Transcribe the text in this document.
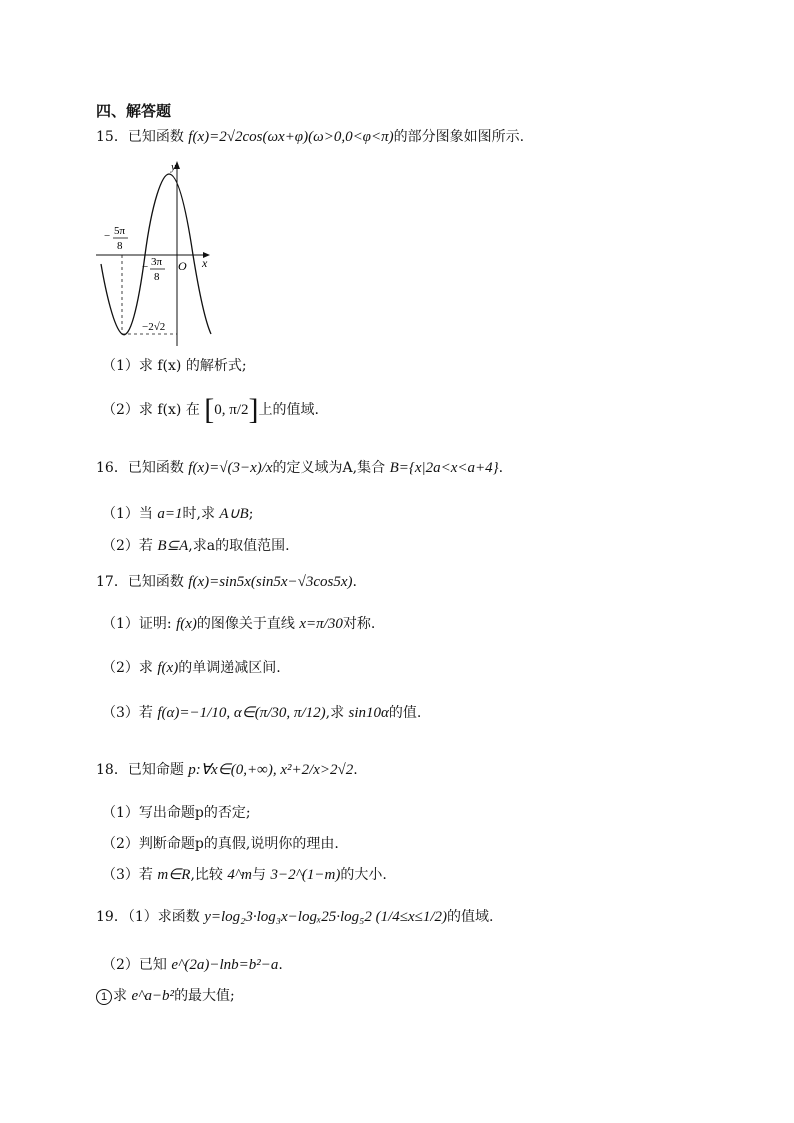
四、解答题
15．已知函数 f(x)=2√2cos(ωx+φ)(ω>0,0<φ<π)的部分图象如图所示.
y
x
O
− 5π
8
− 3π
8
−2√2
（1）求 f(x) 的解析式;
（2）求 f(x) 在 [0, π/2]上的值域.
16．已知函数 f(x)=√(3−x)/x的定义域为A,集合 B={x|2a<x<a+4}.
（1）当 a=1时,求 A∪B;
（2）若 B⊆A,求a的取值范围.
17．已知函数 f(x)=sin5x(sin5x−√3cos5x).
（1）证明: f(x)的图像关于直线 x=π/30对称.
（2）求 f(x)的单调递减区间.
（3）若 f(α)=−1/10, α∈(π/30, π/12),求 sin10α的值.
18．已知命题 p:∀x∈(0,+∞), x²+2/x>2√2.
（1）写出命题p的否定;
（2）判断命题p的真假,说明你的理由.
（3）若 m∈R,比较 4^m与 3−2^(1−m)的大小.
19．（1）求函数 y=log₂3·log₃x−logₓ25·log₅2 (1/4≤x≤1/2)的值域.
（2）已知 e^(2a)−lnb=b²−a.
1 求 e^a−b²的最大值;
